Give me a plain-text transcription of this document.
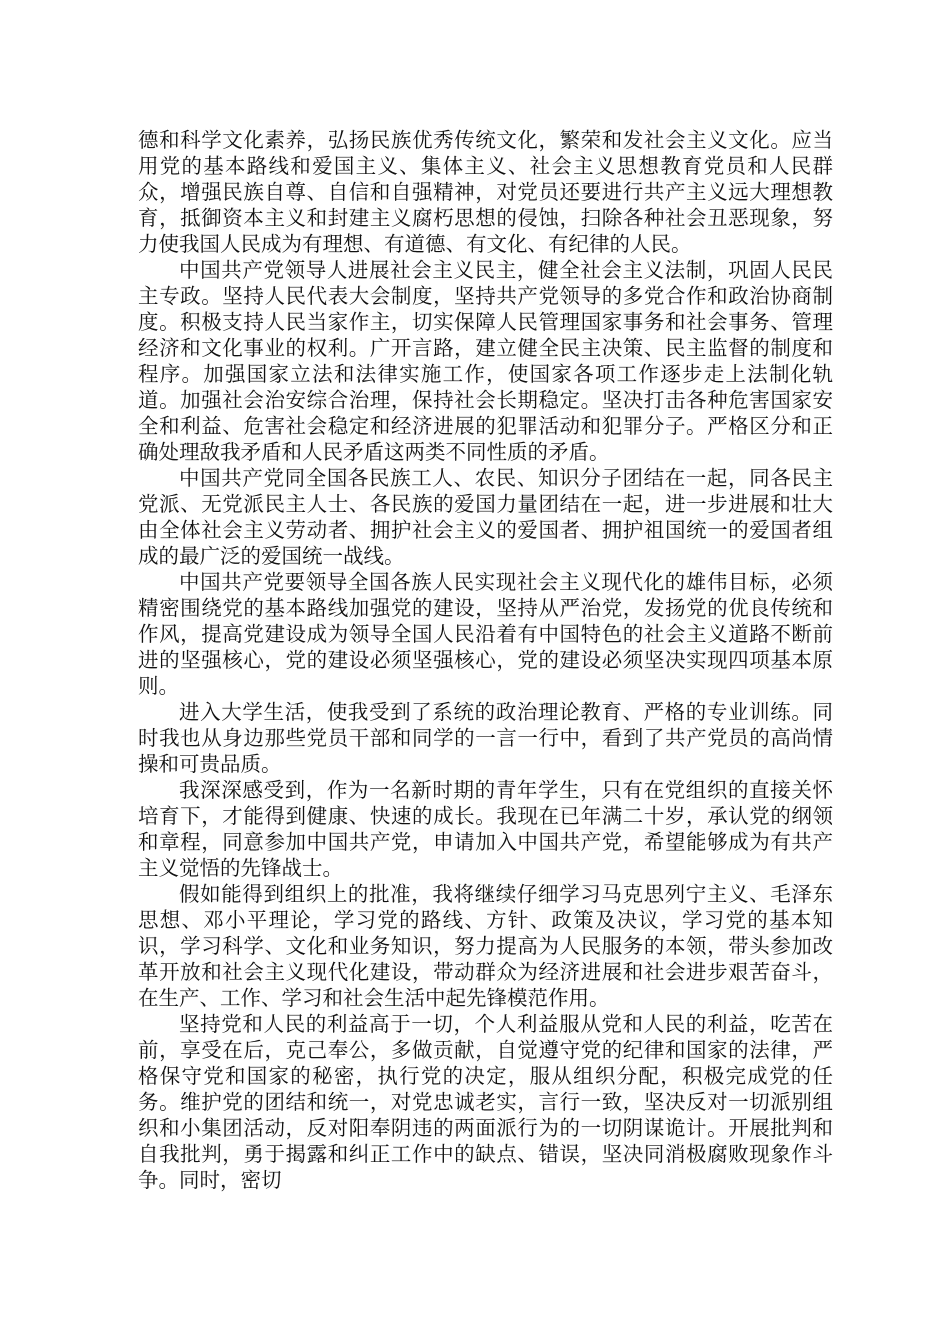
德和科学文化素养，弘扬民族优秀传统文化，繁荣和发社会主义文化。应当用党的基本路线和爱国主义、集体主义、社会主义思想教育党员和人民群众，增强民族自尊、自信和自强精神，对党员还要进行共产主义远大理想教育，抵御资本主义和封建主义腐朽思想的侵蚀，扫除各种社会丑恶现象，努力使我国人民成为有理想、有道德、有文化、有纪律的人民。

中国共产党领导人进展社会主义民主，健全社会主义法制，巩固人民民主专政。坚持人民代表大会制度，坚持共产党领导的多党合作和政治协商制度。积极支持人民当家作主，切实保障人民管理国家事务和社会事务、管理经济和文化事业的权利。广开言路，建立健全民主决策、民主监督的制度和程序。加强国家立法和法律实施工作，使国家各项工作逐步走上法制化轨道。加强社会治安综合治理，保持社会长期稳定。坚决打击各种危害国家安全和利益、危害社会稳定和经济进展的犯罪活动和犯罪分子。严格区分和正确处理敌我矛盾和人民矛盾这两类不同性质的矛盾。

中国共产党同全国各民族工人、农民、知识分子团结在一起，同各民主党派、无党派民主人士、各民族的爱国力量团结在一起，进一步进展和壮大由全体社会主义劳动者、拥护社会主义的爱国者、拥护祖国统一的爱国者组成的最广泛的爱国统一战线。

中国共产党要领导全国各族人民实现社会主义现代化的雄伟目标，必须精密围绕党的基本路线加强党的建设，坚持从严治党，发扬党的优良传统和作风，提高党建设成为领导全国人民沿着有中国特色的社会主义道路不断前进的坚强核心，党的建设必须坚强核心，党的建设必须坚决实现四项基本原则。

进入大学生活，使我受到了系统的政治理论教育、严格的专业训练。同时我也从身边那些党员干部和同学的一言一行中，看到了共产党员的高尚情操和可贵品质。

我深深感受到，作为一名新时期的青年学生，只有在党组织的直接关怀培育下，才能得到健康、快速的成长。我现在已年满二十岁，承认党的纲领和章程，同意参加中国共产党，申请加入中国共产党，希望能够成为有共产主义觉悟的先锋战士。

假如能得到组织上的批准，我将继续仔细学习马克思列宁主义、毛泽东思想、邓小平理论，学习党的路线、方针、政策及决议，学习党的基本知识，学习科学、文化和业务知识，努力提高为人民服务的本领，带头参加改革开放和社会主义现代化建设，带动群众为经济进展和社会进步艰苦奋斗，在生产、工作、学习和社会生活中起先锋模范作用。

坚持党和人民的利益高于一切，个人利益服从党和人民的利益，吃苦在前，享受在后，克己奉公，多做贡献，自觉遵守党的纪律和国家的法律，严格保守党和国家的秘密，执行党的决定，服从组织分配，积极完成党的任务。维护党的团结和统一，对党忠诚老实，言行一致，坚决反对一切派别组织和小集团活动，反对阳奉阴违的两面派行为的一切阴谋诡计。开展批判和自我批判，勇于揭露和纠正工作中的缺点、错误，坚决同消极腐败现象作斗争。同时，密切
